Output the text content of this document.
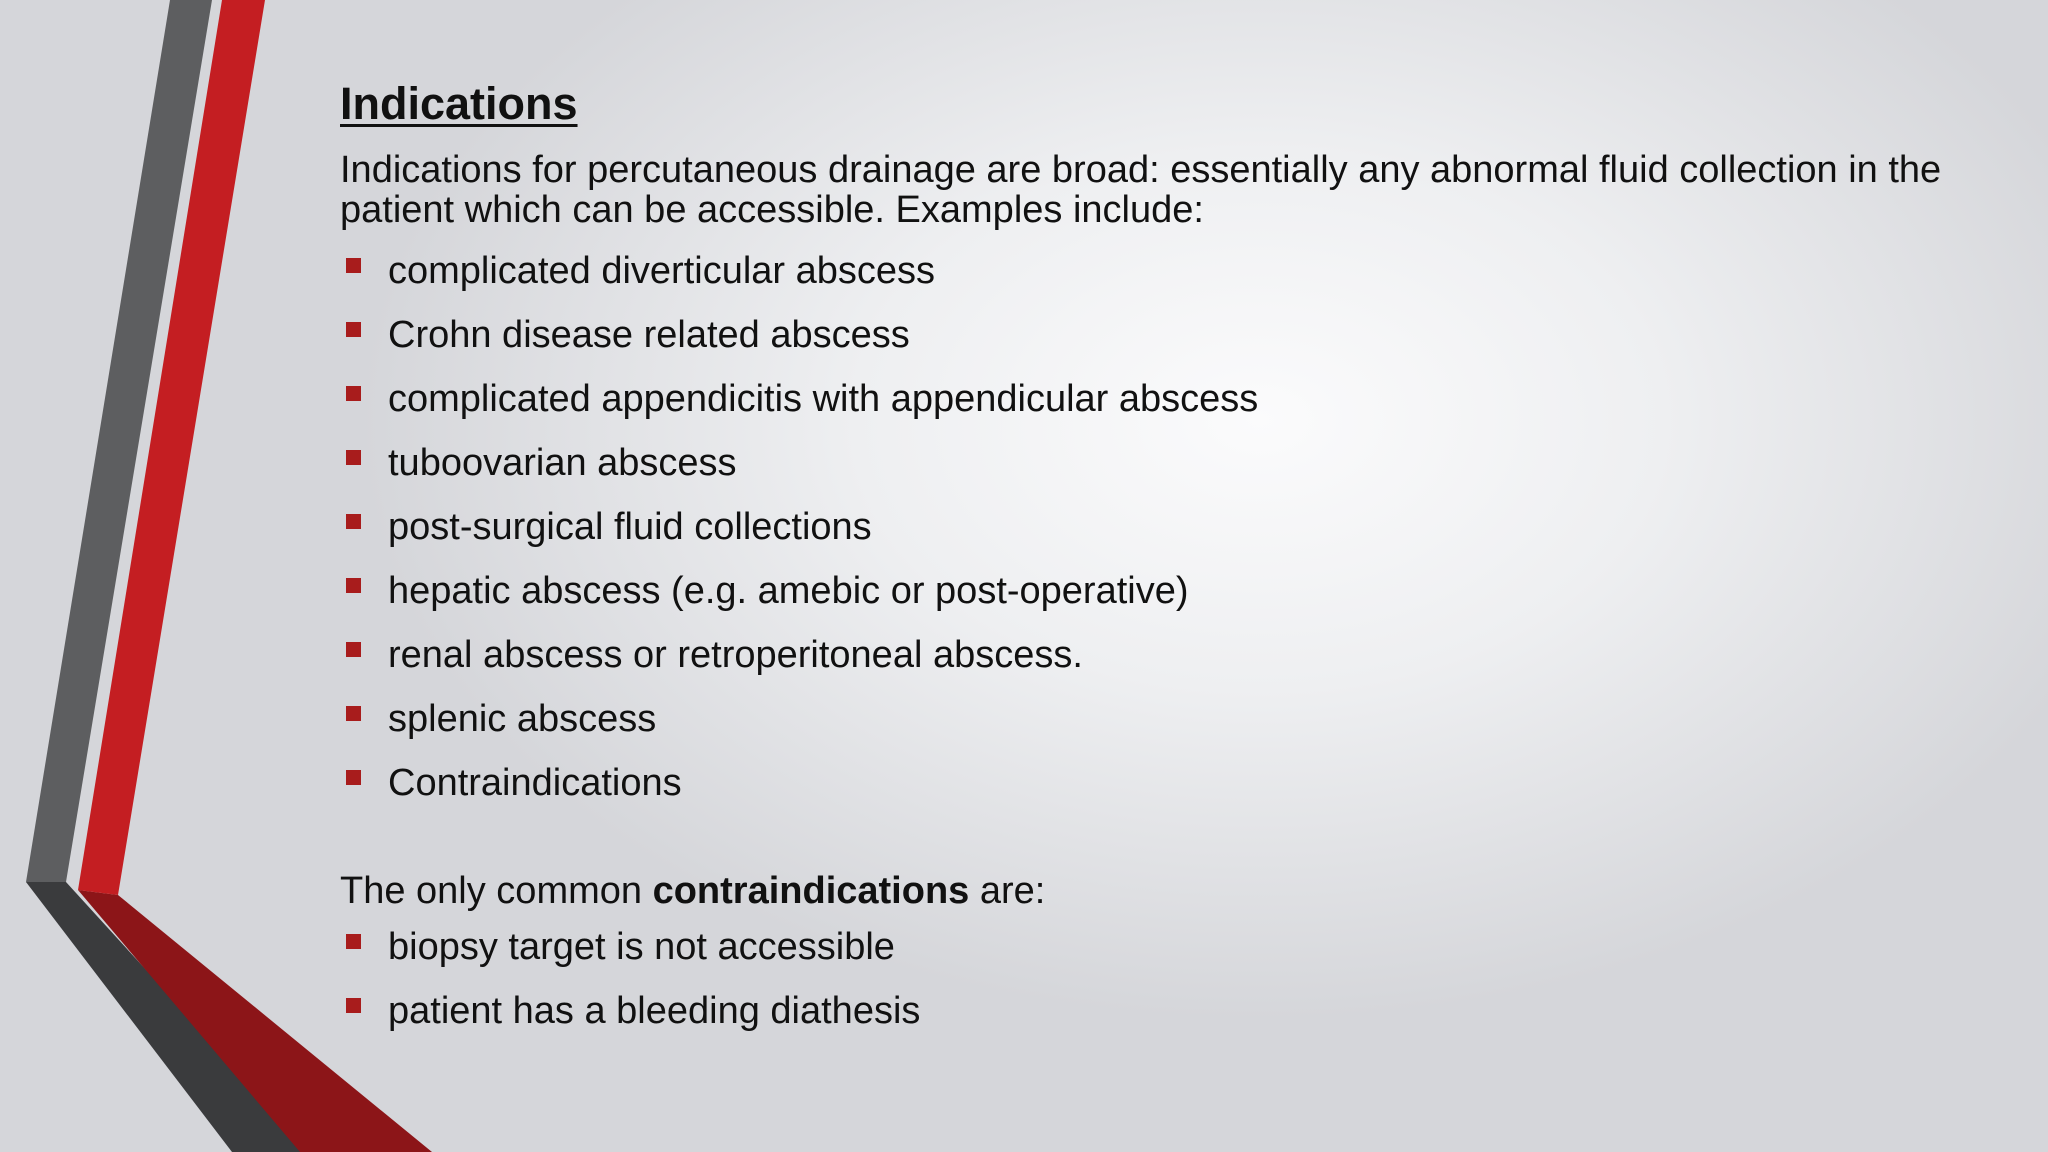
Indications

Indications for percutaneous drainage are broad: essentially any abnormal fluid collection in the patient which can be accessible. Examples include:

complicated diverticular abscess
Crohn disease related abscess
complicated appendicitis with appendicular abscess
tuboovarian abscess
post-surgical fluid collections
hepatic abscess (e.g. amebic or post-operative)
renal abscess or retroperitoneal abscess.
splenic abscess
Contraindications

The only common contraindications are:

biopsy target is not accessible
patient has a bleeding diathesis
